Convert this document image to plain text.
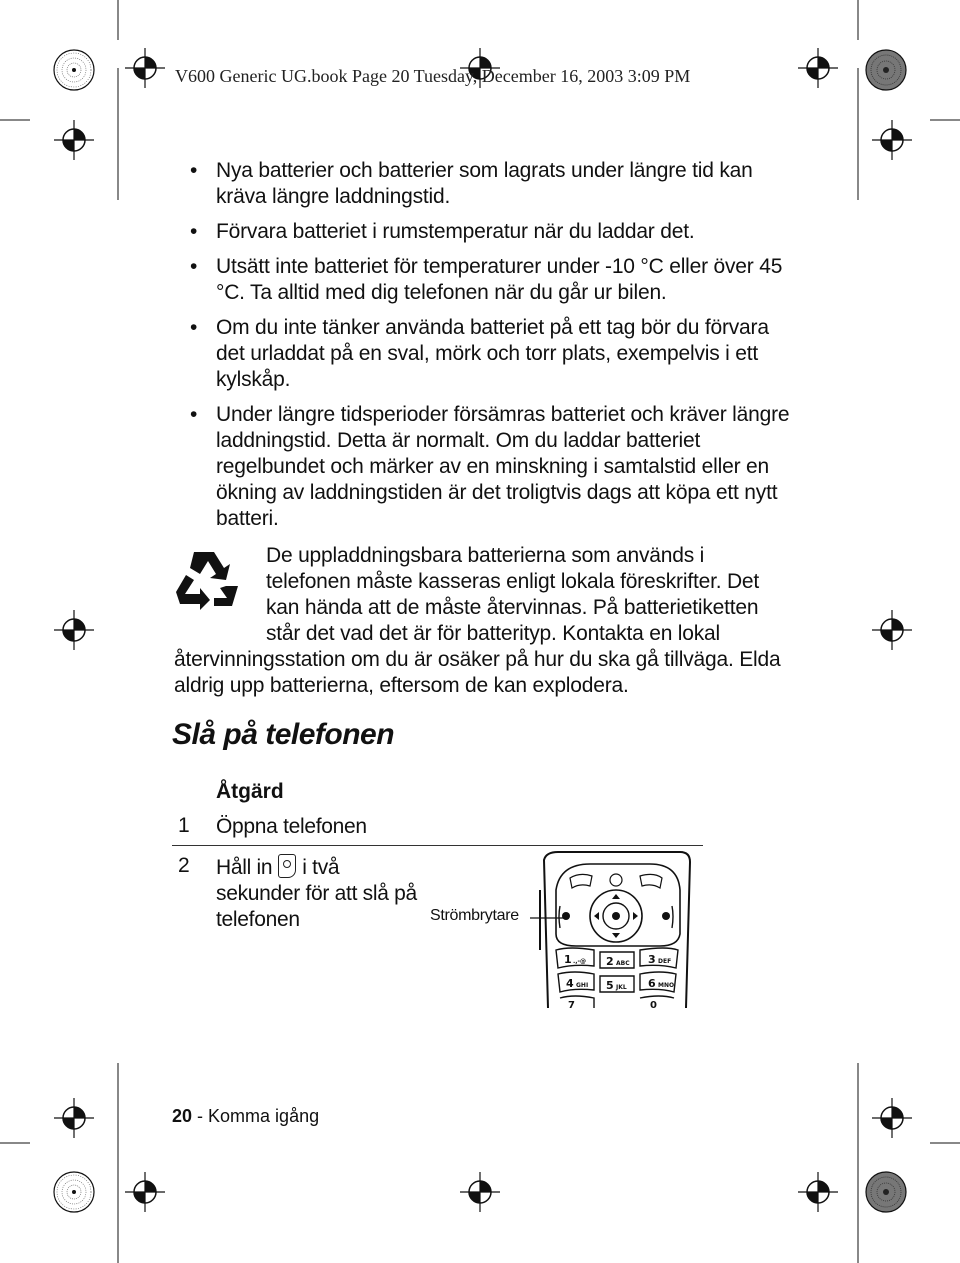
V600 Generic UG.book Page 20 Tuesday, December 16, 2003 3:09 PM
• Nya batterier och batterier som lagrats under längre tid kan kräva längre laddningstid.
• Förvara batteriet i rumstemperatur när du laddar det.
• Utsätt inte batteriet för temperaturer under -10 °C eller över 45 °C. Ta alltid med dig telefonen när du går ur bilen.
• Om du inte tänker använda batteriet på ett tag bör du förvara det urladdat på en sval, mörk och torr plats, exempelvis i ett kylskåp.
• Under längre tidsperioder försämras batteriet och kräver längre laddningstid. Detta är normalt. Om du laddar batteriet regelbundet och märker av en minskning i samtalstid eller en ökning av laddningstiden är det troligtvis dags att köpa ett nytt batteri.
De uppladdningsbara batterierna som används i
telefonen måste kasseras enligt lokala föreskrifter. Det
kan hända att de måste återvinnas. På batterietiketten
står det vad det är för batterityp. Kontakta en lokal
återvinningsstation om du är osäker på hur du ska gå tillväga. Elda
aldrig upp batterierna, eftersom de kan explodera.
Slå på telefonen
Åtgärd
1 Öppna telefonen
2 Håll in i två
sekunder för att slå på
telefonen	Strömbrytare
1 .,-@ 2 ABC 3 DEF
4 GHI 5 JKL 6 MNO
7	0
20 - Komma igång
